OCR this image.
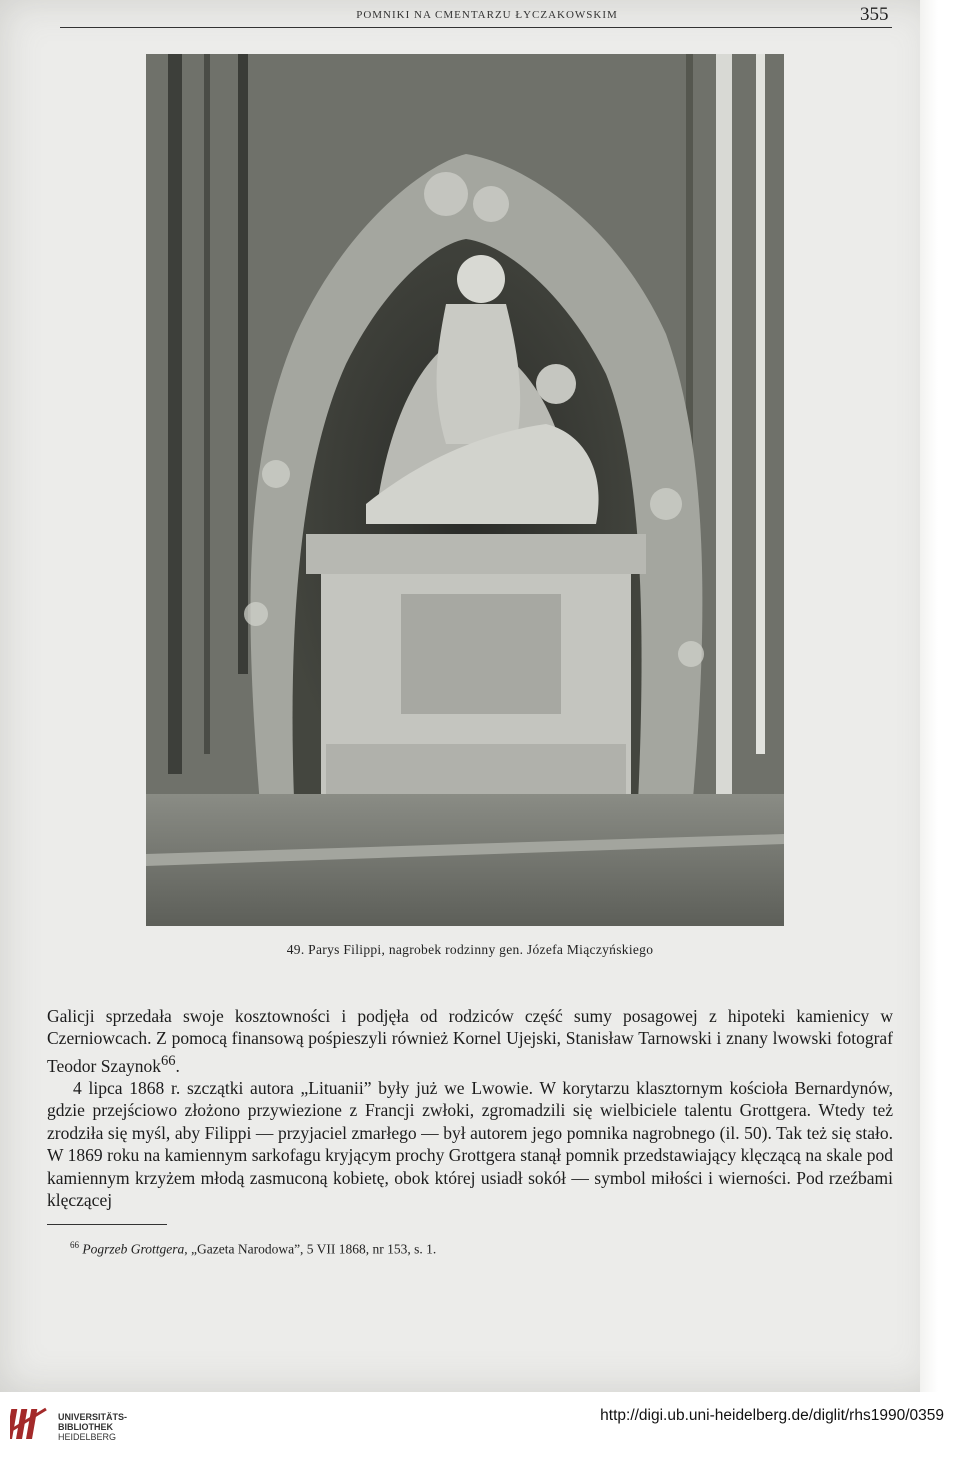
POMNIKI NA CMENTARZU ŁYCZAKOWSKIM	355
49. Parys Filippi, nagrobek rodzinny gen. Józefa Miączyńskiego

Galicji sprzedała swoje kosztowności i podjęła od rodziców część sumy posagowej z hipoteki kamienicy w Czerniowcach. Z pomocą finansową pośpieszyli również Kornel Ujejski, Stanisław Tarnowski i znany lwowski fotograf Teodor Szaynok$^{66}$.

4 lipca 1868 r. szczątki autora „Lituanii” były już we Lwowie. W korytarzu klasztornym kościoła Bernardynów, gdzie przejściowo złożono przywiezione z Francji zwłoki, zgromadzili się wielbiciele talentu Grottgera. Wtedy też zrodziła się myśl, aby Filippi — przyjaciel zmarłego — był autorem jego pomnika nagrobnego (il. 50). Tak też się stało. W 1869 roku na kamiennym sarkofagu kryjącym prochy Grottgera stanął pomnik przedstawiający klęczącą na skale pod kamiennym krzyżem młodą zasmuconą kobietę, obok której usiadł sokół — symbol miłości i wierności. Pod rzeźbami klęczącej

$^{66}$ Pogrzeb Grottgera, „Gazeta Narodowa”, 5 VII 1868, nr 153, s. 1.
UNIVERSITÄTS-
BIBLIOTHEK
HEIDELBERG
http://digi.ub.uni-heidelberg.de/diglit/rhs1990/0359
